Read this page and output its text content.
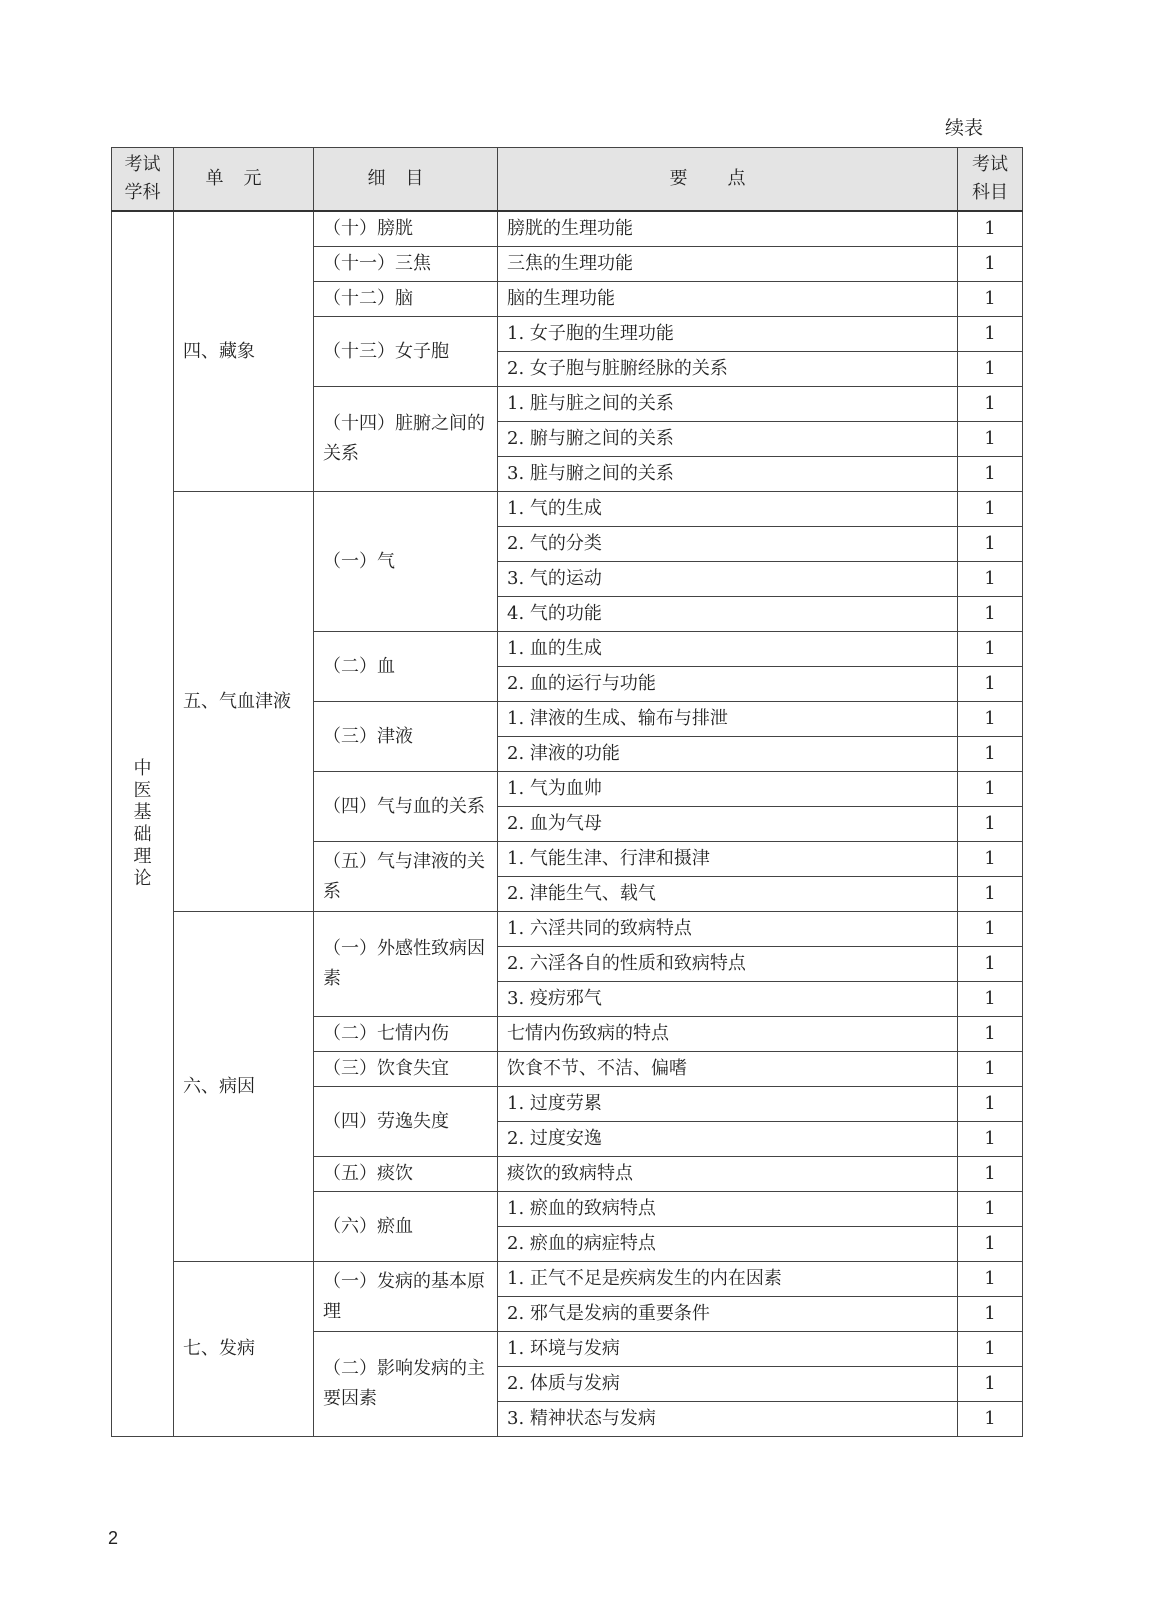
续表
考试学科	单元	细目	要点	考试科目

中医基础理论	四、藏象	（十）膀胱	膀胱的生理功能	1
		（十一）三焦	三焦的生理功能	1
		（十二）脑	脑的生理功能	1
		（十三）女子胞	1. 女子胞的生理功能	1
			2. 女子胞与脏腑经脉的关系	1
		（十四）脏腑之间的关系	1. 脏与脏之间的关系	1
			2. 腑与腑之间的关系	1
			3. 脏与腑之间的关系	1
	五、气血津液	（一）气	1. 气的生成	1
			2. 气的分类	1
			3. 气的运动	1
			4. 气的功能	1
		（二）血	1. 血的生成	1
			2. 血的运行与功能	1
		（三）津液	1. 津液的生成、输布与排泄	1
			2. 津液的功能	1
		（四）气与血的关系	1. 气为血帅	1
			2. 血为气母	1
		（五）气与津液的关系	1. 气能生津、行津和摄津	1
			2. 津能生气、载气	1
	六、病因	（一）外感性致病因素	1. 六淫共同的致病特点	1
			2. 六淫各自的性质和致病特点	1
			3. 疫疠邪气	1
		（二）七情内伤	七情内伤致病的特点	1
		（三）饮食失宜	饮食不节、不洁、偏嗜	1
		（四）劳逸失度	1. 过度劳累	1
			2. 过度安逸	1
		（五）痰饮	痰饮的致病特点	1
		（六）瘀血	1. 瘀血的致病特点	1
			2. 瘀血的病症特点	1
	七、发病	（一）发病的基本原理	1. 正气不足是疾病发生的内在因素	1
			2. 邪气是发病的重要条件	1
		（二）影响发病的主要因素	1. 环境与发病	1
			2. 体质与发病	1
			3. 精神状态与发病	1
2
